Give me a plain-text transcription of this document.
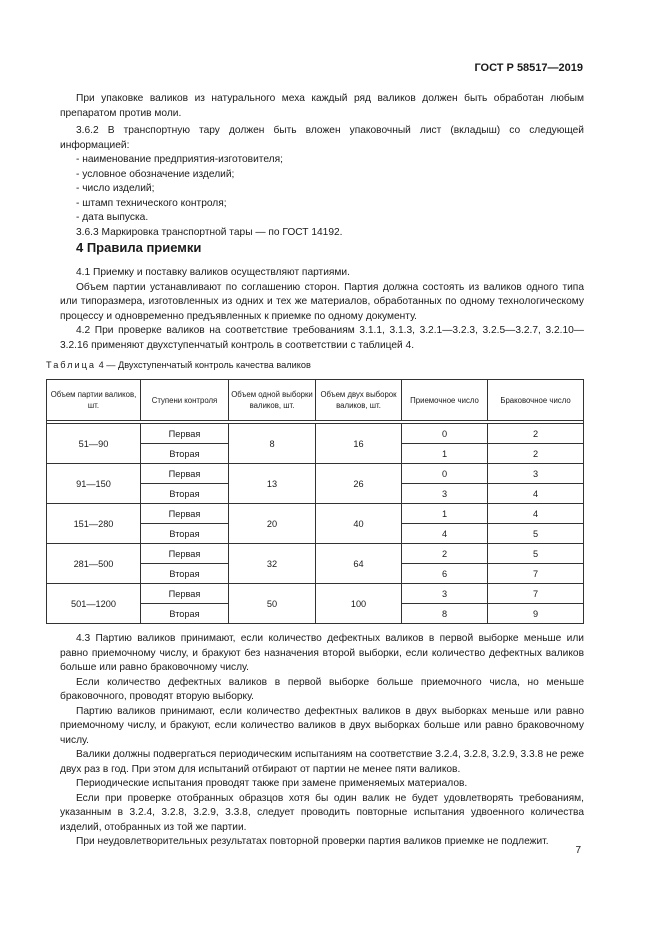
ГОСТ Р 58517—2019

При упаковке валиков из натурального меха каждый ряд валиков должен быть обработан любым препаратом против моли.

3.6.2 В транспортную тару должен быть вложен упаковочный лист (вкладыш) со следующей информацией:

- наименование предприятия-изготовителя;

- условное обозначение изделий;

- число изделий;

- штамп технического контроля;

- дата выпуска.

3.6.3 Маркировка транспортной тары — по ГОСТ 14192.

4 Правила приемки

4.1 Приемку и поставку валиков осуществляют партиями.

Объем партии устанавливают по соглашению сторон. Партия должна состоять из валиков одного типа или типоразмера, изготовленных из одних и тех же материалов, обработанных по одному технологическому процессу и одновременно предъявленных к приемке по одному документу.

4.2 При проверке валиков на соответствие требованиям 3.1.1, 3.1.3, 3.2.1—3.2.3, 3.2.5—3.2.7, 3.2.10—3.2.16 применяют двухступенчатый контроль в соответствии с таблицей 4.

Таблица 4 — Двухступенчатый контроль качества валиков
Объем партии валиков, шт.	Ступени контроля	Объем одной выборки валиков, шт.	Объем двух выборок валиков, шт.	Приемочное число	Браковочное число

51—90	Первая	8	16	0	2
	Вторая			1	2
91—150	Первая	13	26	0	3
	Вторая			3	4
151—280	Первая	20	40	1	4
	Вторая			4	5
281—500	Первая	32	64	2	5
	Вторая			6	7
501—1200	Первая	50	100	3	7
	Вторая			8	9

4.3 Партию валиков принимают, если количество дефектных валиков в первой выборке меньше или равно приемочному числу, и бракуют без назначения второй выборки, если количество дефектных валиков больше или равно браковочному числу.

Если количество дефектных валиков в первой выборке больше приемочного числа, но меньше браковочного, проводят вторую выборку.

Партию валиков принимают, если количество дефектных валиков в двух выборках меньше или равно приемочному числу, и бракуют, если количество валиков в двух выборках больше или равно браковочному числу.

Валики должны подвергаться периодическим испытаниям на соответствие 3.2.4, 3.2.8, 3.2.9, 3.3.8 не реже двух раз в год. При этом для испытаний отбирают от партии не менее пяти валиков.

Периодические испытания проводят также при замене применяемых материалов.

Если при проверке отобранных образцов хотя бы один валик не будет удовлетворять требованиям, указанным в 3.2.4, 3.2.8, 3.2.9, 3.3.8, следует проводить повторные испытания удвоенного количества изделий, отобранных из той же партии.

При неудовлетворительных результатах повторной проверки партия валиков приемке не подлежит.

7
